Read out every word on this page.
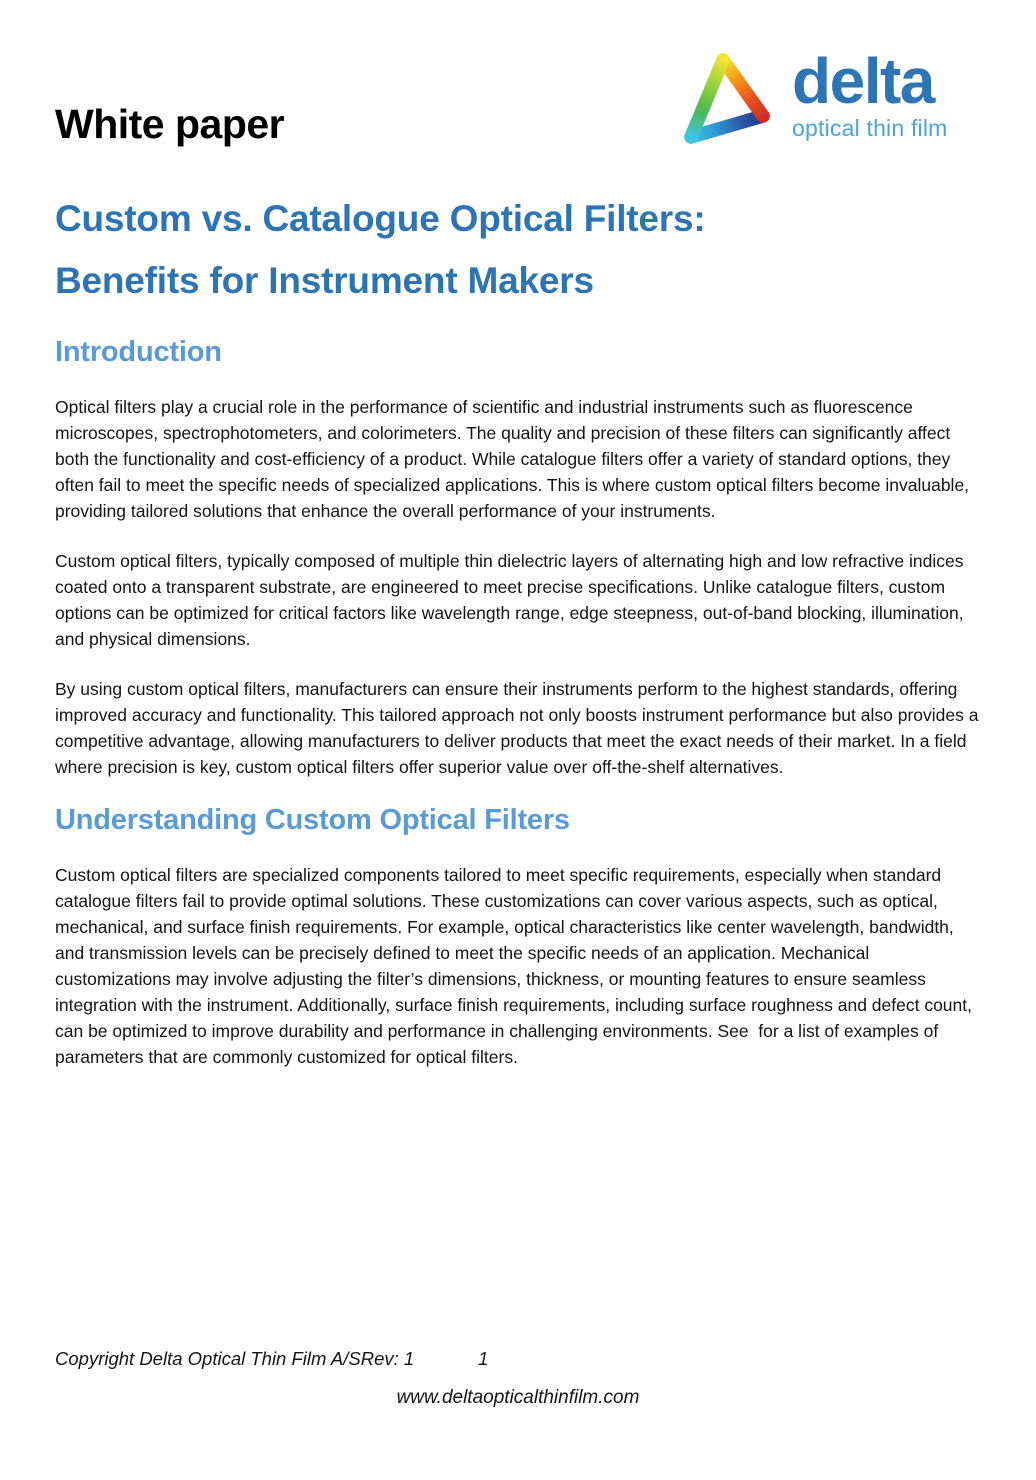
delta
optical thin film
White paper
Custom vs. Catalogue Optical Filters:
Benefits for Instrument Makers
Introduction

Optical filters play a crucial role in the performance of scientific and industrial instruments such as fluorescence microscopes, spectrophotometers, and colorimeters. The quality and precision of these filters can significantly affect both the functionality and cost-efficiency of a product. While catalogue filters offer a variety of standard options, they often fail to meet the specific needs of specialized applications. This is where custom optical filters become invaluable, providing tailored solutions that enhance the overall performance of your instruments.

Custom optical filters, typically composed of multiple thin dielectric layers of alternating high and low refractive indices coated onto a transparent substrate, are engineered to meet precise specifications. Unlike catalogue filters, custom options can be optimized for critical factors like wavelength range, edge steepness, out-of-band blocking, illumination, and physical dimensions.

By using custom optical filters, manufacturers can ensure their instruments perform to the highest standards, offering improved accuracy and functionality. This tailored approach not only boosts instrument performance but also provides a competitive advantage, allowing manufacturers to deliver products that meet the exact needs of their market. In a field where precision is key, custom optical filters offer superior value over off-the-shelf alternatives.

Understanding Custom Optical Filters

Custom optical filters are specialized components tailored to meet specific requirements, especially when standard catalogue filters fail to provide optimal solutions. These customizations can cover various aspects, such as optical, mechanical, and surface finish requirements. For example, optical characteristics like center wavelength, bandwidth, and transmission levels can be precisely defined to meet the specific needs of an application. Mechanical customizations may involve adjusting the filter’s dimensions, thickness, or mounting features to ensure seamless integration with the instrument. Additionally, surface finish requirements, including surface roughness and defect count, can be optimized to improve durability and performance in challenging environments. See  for a list of examples of parameters that are commonly customized for optical filters.

Copyright Delta Optical Thin Film A/S Rev: 1	1
www.deltaopticalthinfilm.com
